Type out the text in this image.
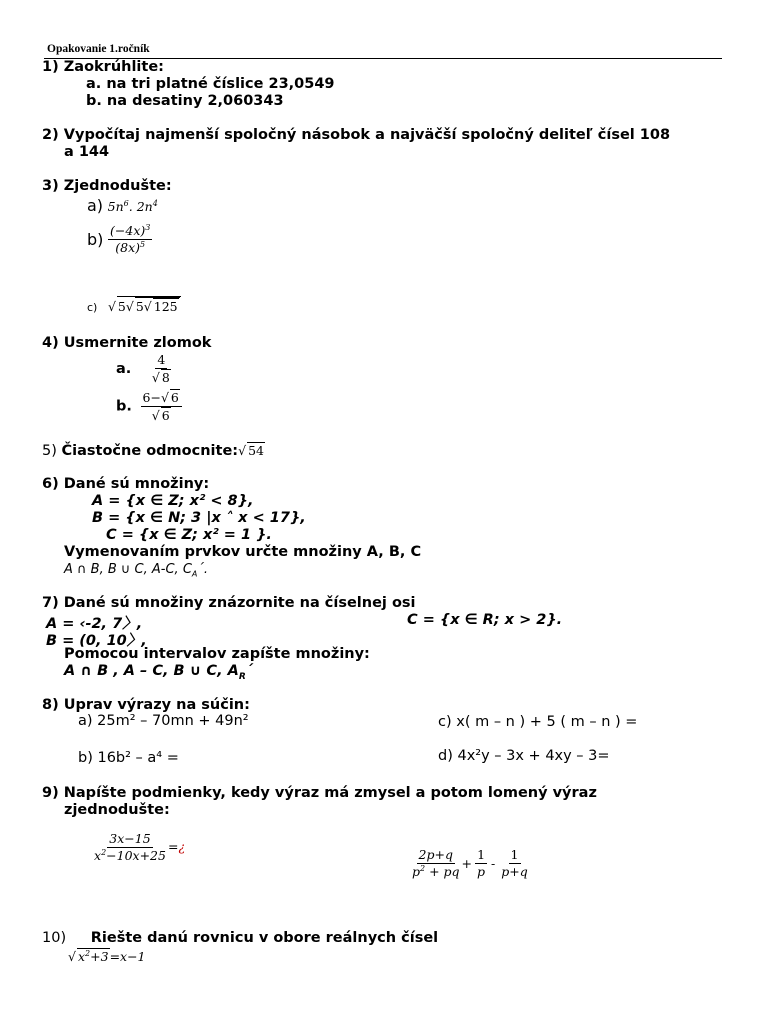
Opakovanie 1.ročník
1) Zaokrúhlite:
a. na tri platné číslice 23,0549
b. na desatiny 2,060343
2) Vypočítaj najmenší spoločný násobok a najväčší spoločný deliteľ čísel 108
a 144
3) Zjednodušte:
a) $5n^6$. $2n^4$
$b) \frac{(-4x)^3}{(8x)^5}$
c) √ 5√ 5√ 125
4) Usmernite zlomok
a. $\frac{4}{√ 8}$
b. $\frac{6-√ 6}{√ 6}$
5) Čiastočne odmocnite:√ 54
6) Dané sú množiny:
A = {x ∈ Z; x² < 8},
B = {x ∈ N; 3 |x ˄ x < 17},
C = {x ∈ Z; x² = 1 }.
Vymenovaním prvkov určte množiny A, B, C
A ∩ B, B ∪ C, A-C, $C_A´$.
7) Dané sú množiny znázornite na číselnej osi
A = ‹-2, 7〉,	C = {x ∈ R; x > 2}.
B = (0, 10〉,
Pomocou intervalov zapíšte množiny:
A ∩ B , A – C, B ∪ C, $A_R´$
8) Uprav výrazy na súčin:
a) 25m² – 70mn + 49n²	c) x( m – n ) + 5 ( m – n ) =
b) 16b² – a⁴ =	d) 4x²y – 3x + 4xy – 3=
9) Napíšte podmienky, kedy výraz má zmysel a potom lomený výraz
zjednodušte:
$\frac{3x-15}{x^2-10x+25}$ =¿
$\frac{2p+q}{p^2 + pq} + \frac{1}{p} - \frac{1}{p+q}$
10) Riešte danú rovnicu v obore reálnych čísel
√ $x^2+3=x-1$
